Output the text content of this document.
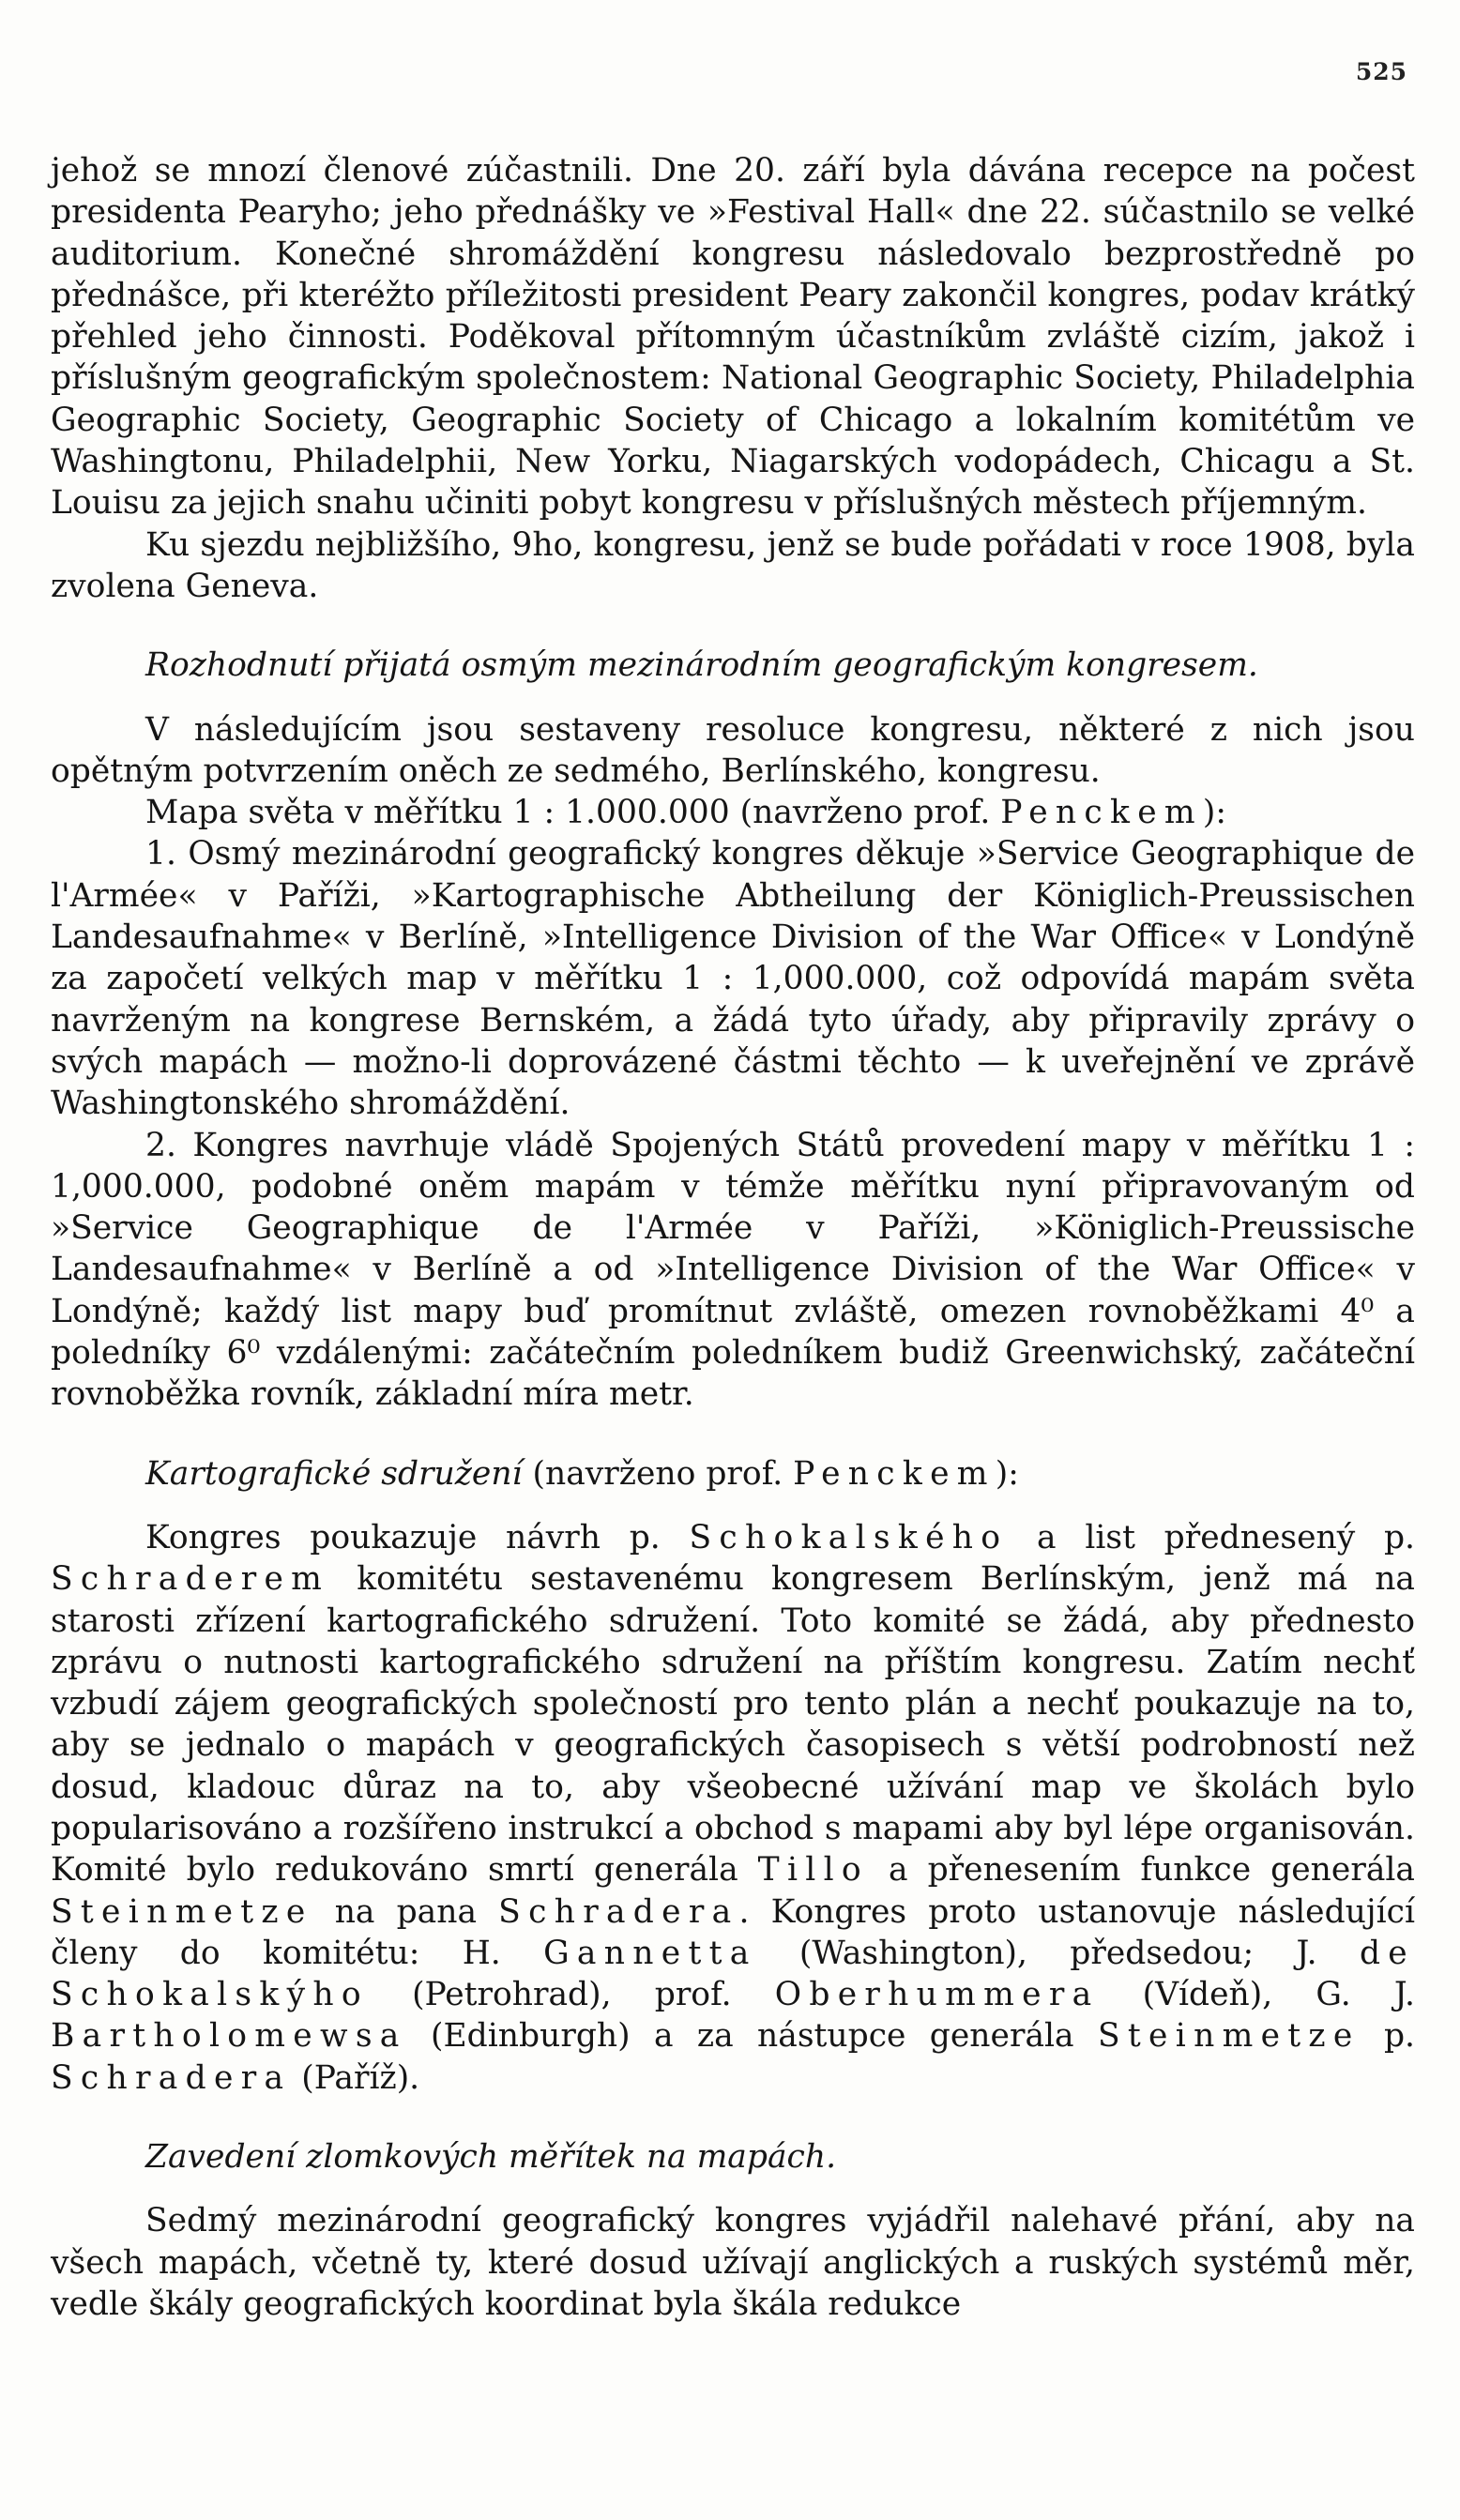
525

jehož se mnozí členové zúčastnili. Dne 20. září byla dávána recepce na počest presidenta Pearyho; jeho přednášky ve »Festival Hall« dne 22. súčastnilo se velké auditorium. Konečné shromáždění kongresu následovalo bezprostředně po přednášce, při kteréžto příležitosti president Peary zakončil kongres, podav krátký přehled jeho činnosti. Poděkoval přítomným účastníkům zvláště cizím, jakož i příslušným geografickým společnostem: National Geographic Society, Philadelphia Geographic Society, Geographic Society of Chicago a lokalním komitétům ve Washingtonu, Philadelphii, New Yorku, Niagarských vodopádech, Chicagu a St. Louisu za jejich snahu učiniti pobyt kongresu v příslušných městech příjemným.

Ku sjezdu nejbližšího, 9ho, kongresu, jenž se bude pořádati v roce 1908, byla zvolena Geneva.

Rozhodnutí přijatá osmým mezinárodním geografickým kongresem.

V následujícím jsou sestaveny resoluce kongresu, některé z nich jsou opětným potvrzením oněch ze sedmého, Berlínského, kongresu.

Mapa světa v měřítku 1 : 1.000.000 (navrženo prof. Penckem):

1. Osmý mezinárodní geografický kongres děkuje »Service Geographique de l'Armée« v Paříži, »Kartographische Abtheilung der Königlich-Preussischen Landesaufnahme« v Berlíně, »Intelligence Division of the War Office« v Londýně za započetí velkých map v měřítku 1 : 1,000.000, což odpovídá mapám světa navrženým na kongrese Bernském, a žádá tyto úřady, aby připravily zprávy o svých mapách — možno-li doprovázené částmi těchto — k uveřejnění ve zprávě Washingtonského shromáždění.

2. Kongres navrhuje vládě Spojených Států provedení mapy v měřítku 1 : 1,000.000, podobné oněm mapám v témže měřítku nyní připravovaným od »Service Geographique de l'Armée v Paříži, »Königlich-Preussische Landesaufnahme« v Berlíně a od »Intelligence Division of the War Office« v Londýně; každý list mapy buď promítnut zvláště, omezen rovnoběžkami 4⁰ a poledníky 6⁰ vzdálenými: začátečním poledníkem budiž Greenwichský, začáteční rovnoběžka rovník, základní míra metr.

Kartografické sdružení (navrženo prof. Penckem):

Kongres poukazuje návrh p. Schokalského a list přednesený p. Schraderem komitétu sestavenému kongresem Berlínským, jenž má na starosti zřízení kartografického sdružení. Toto komité se žádá, aby přednesto zprávu o nutnosti kartografického sdružení na příštím kongresu. Zatím nechť vzbudí zájem geografických společností pro tento plán a nechť poukazuje na to, aby se jednalo o mapách v geografických časopisech s větší podrobností než dosud, kladouc důraz na to, aby všeobecné užívání map ve školách bylo popularisováno a rozšířeno instrukcí a obchod s mapami aby byl lépe organisován. Komité bylo redukováno smrtí generála Tillo a přenesením funkce generála Steinmetze na pana Schradera. Kongres proto ustanovuje následující členy do komitétu: H. Gannetta (Washington), předsedou; J. de Schokalskýho (Petrohrad), prof. Oberhummera (Vídeň), G. J. Bartholomewsa (Edinburgh) a za nástupce generála Steinmetze p. Schradera (Paříž).

Zavedení zlomkových měřítek na mapách.

Sedmý mezinárodní geografický kongres vyjádřil nalehavé přání, aby na všech mapách, včetně ty, které dosud užívají anglických a ruských systémů měr, vedle škály geografických koordinat byla škála redukce
